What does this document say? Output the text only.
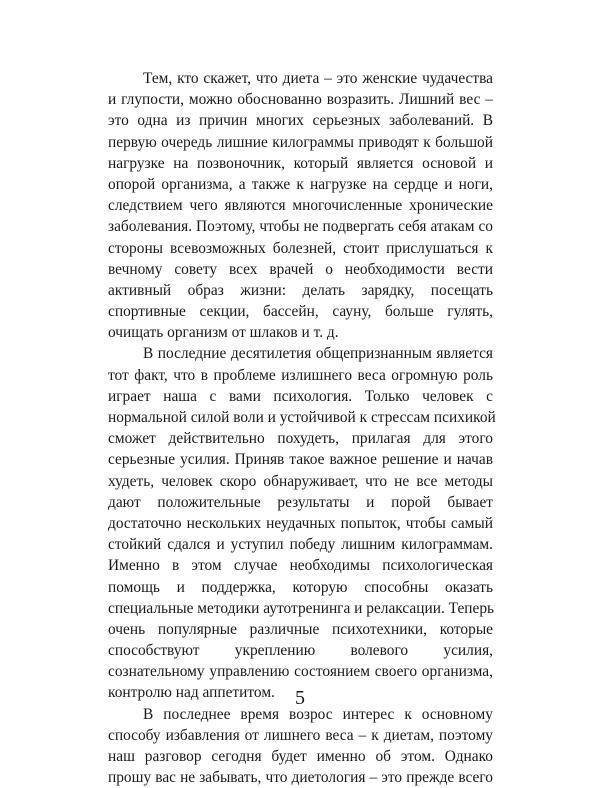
Тем, кто скажет, что диета – это женские чудачества
и глупости, можно обоснованно возразить. Лишний вес –
это одна из причин многих серьезных заболеваний. В
первую очередь лишние килограммы приводят к большой
нагрузке на позвоночник, который является основой и
опорой организма, а также к нагрузке на сердце и ноги,
следствием чего являются многочисленные хронические
заболевания. Поэтому, чтобы не подвергать себя атакам со
стороны всевозможных болезней, стоит прислушаться к
вечному совету всех врачей о необходимости вести
активный образ жизни: делать зарядку, посещать
спортивные секции, бассейн, сауну, больше гулять,
очищать организм от шлаков и т. д.
В последние десятилетия общепризнанным является
тот факт, что в проблеме излишнего веса огромную роль
играет наша с вами психология. Только человек с
нормальной силой воли и устойчивой к стрессам психикой
сможет действительно похудеть, прилагая для этого
серьезные усилия. Приняв такое важное решение и начав
худеть, человек скоро обнаруживает, что не все методы
дают положительные результаты и порой бывает
достаточно нескольких неудачных попыток, чтобы самый
стойкий сдался и уступил победу лишним килограммам.
Именно в этом случае необходимы психологическая
помощь и поддержка, которую способны оказать
специальные методики аутотренинга и релаксации. Теперь
очень популярные различные психотехники, которые
способствуют укреплению волевого усилия,
сознательному управлению состоянием своего организма,
контролю над аппетитом.
В последнее время возрос интерес к основному
способу избавления от лишнего веса – к диетам, поэтому
наш разговор сегодня будет именно об этом. Однако
прошу вас не забывать, что диетология – это прежде всего
5
